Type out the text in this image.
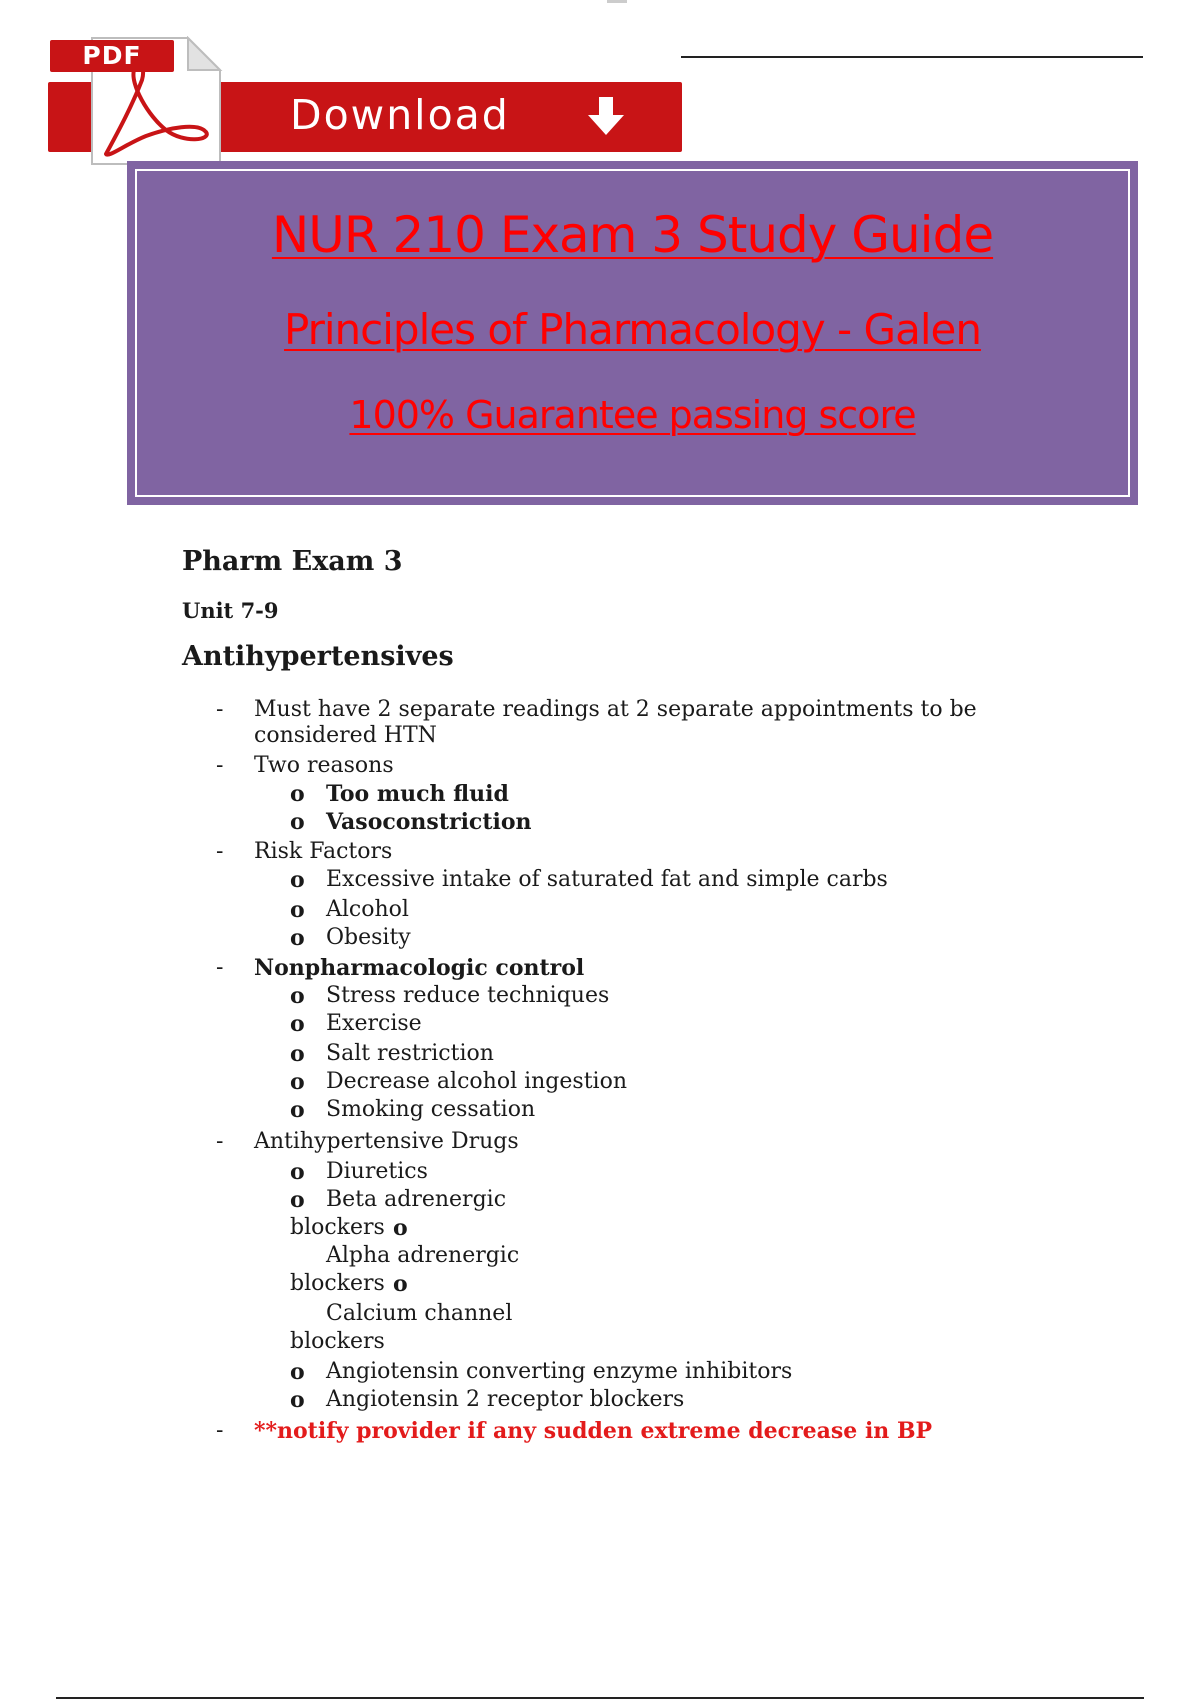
Download
PDF
NUR 210 Exam 3 Study Guide
Principles of Pharmacology - Galen
100% Guarantee passing score
Pharm Exam 3
Unit 7-9
Antihypertensives
- Must have 2 separate readings at 2 separate appointments to be
considered HTN
- Two reasons
o Too much fluid
o Vasoconstriction
- Risk Factors
o Excessive intake of saturated fat and simple carbs
o Alcohol
o Obesity
- Nonpharmacologic control
o Stress reduce techniques
o Exercise
o Salt restriction
o Decrease alcohol ingestion
o Smoking cessation
- Antihypertensive Drugs
o Diuretics
o Beta adrenergic
blockers o
Alpha adrenergic
blockers o
Calcium channel
blockers
o Angiotensin converting enzyme inhibitors
o Angiotensin 2 receptor blockers
- **notify provider if any sudden extreme decrease in BP
